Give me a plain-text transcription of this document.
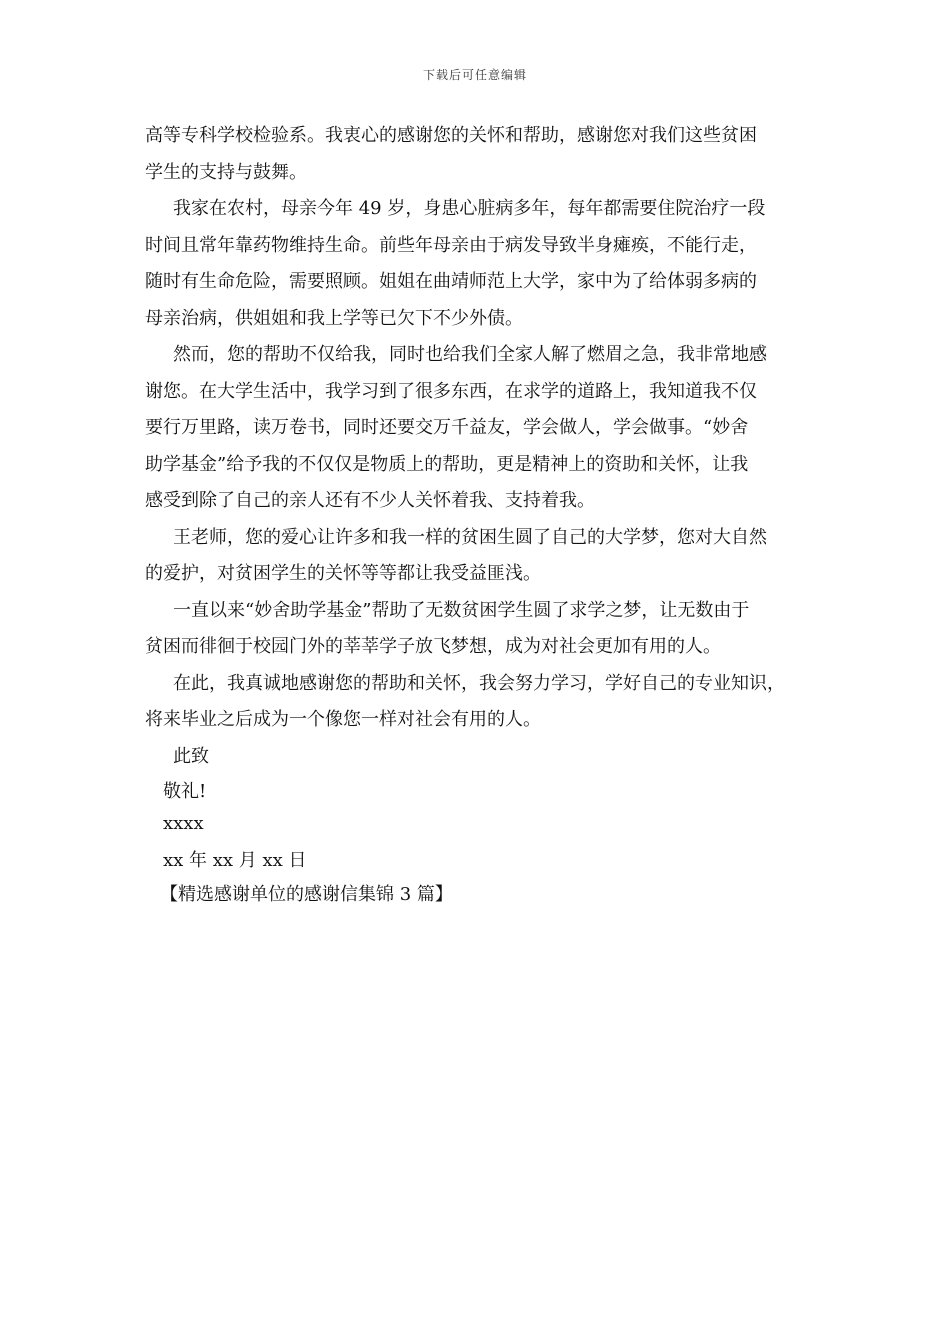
下载后可任意编辑
高等专科学校检验系。我衷心的感谢您的关怀和帮助，感谢您对我们这些贫困
学生的支持与鼓舞。
我家在农村，母亲今年 49 岁，身患心脏病多年，每年都需要住院治疗一段
时间且常年靠药物维持生命。前些年母亲由于病发导致半身瘫痪，不能行走，
随时有生命危险，需要照顾。姐姐在曲靖师范上大学，家中为了给体弱多病的
母亲治病，供姐姐和我上学等已欠下不少外债。
然而，您的帮助不仅给我，同时也给我们全家人解了燃眉之急，我非常地感
谢您。在大学生活中，我学习到了很多东西，在求学的道路上，我知道我不仅
要行万里路，读万卷书，同时还要交万千益友，学会做人，学会做事。“妙舍
助学基金”给予我的不仅仅是物质上的帮助，更是精神上的资助和关怀，让我
感受到除了自己的亲人还有不少人关怀着我、支持着我。
王老师，您的爱心让许多和我一样的贫困生圆了自己的大学梦，您对大自然
的爱护，对贫困学生的关怀等等都让我受益匪浅。
一直以来“妙舍助学基金”帮助了无数贫困学生圆了求学之梦，让无数由于
贫困而徘徊于校园门外的莘莘学子放飞梦想，成为对社会更加有用的人。
在此，我真诚地感谢您的帮助和关怀，我会努力学习，学好自己的专业知识，
将来毕业之后成为一个像您一样对社会有用的人。
此致
敬礼!
xxxx
xx 年 xx 月 xx 日
【精选感谢单位的感谢信集锦 3 篇】
